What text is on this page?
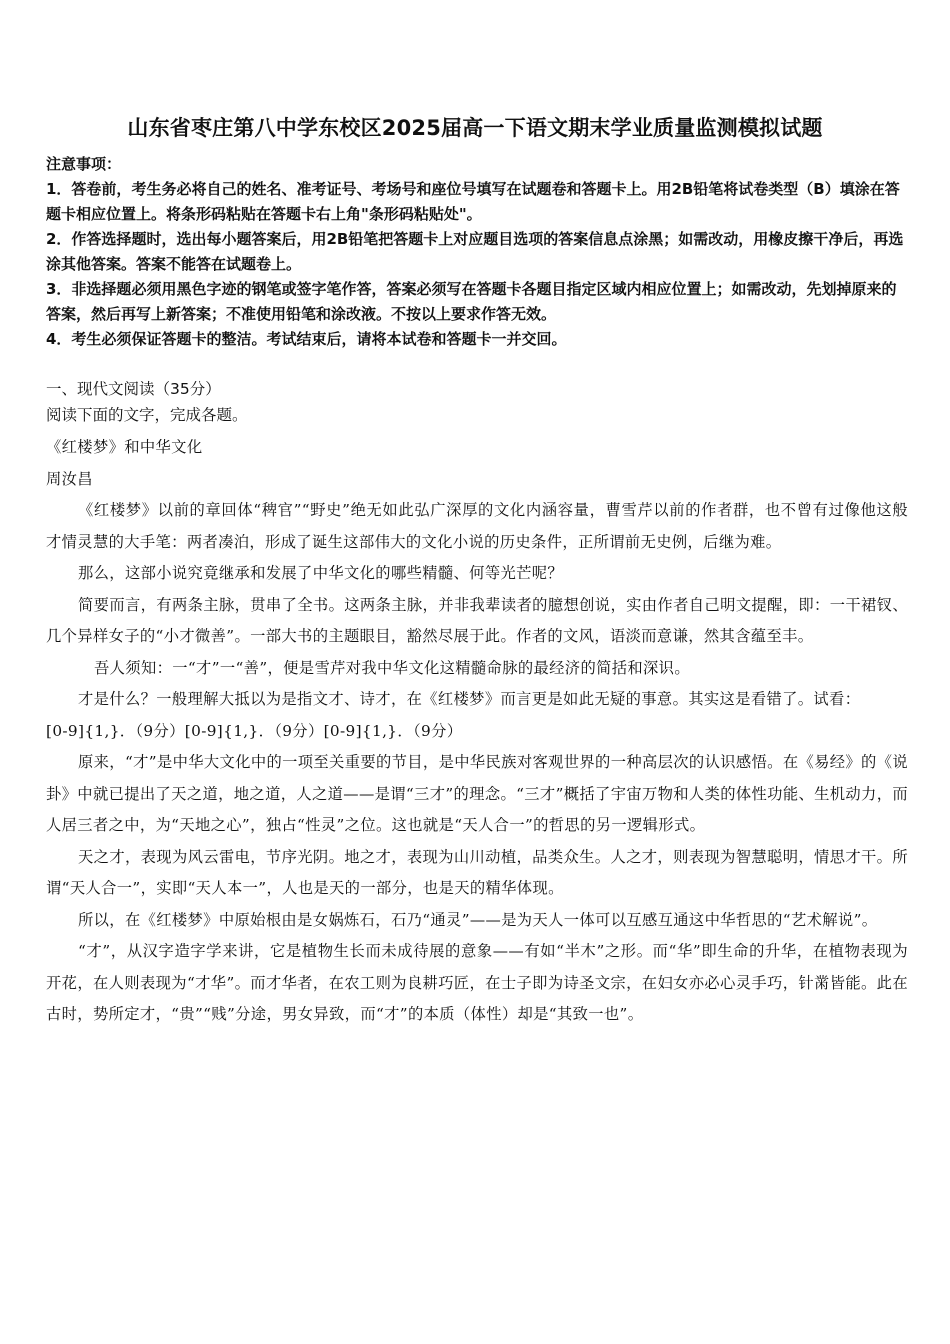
山东省枣庄第八中学东校区2025届高一下语文期末学业质量监测模拟试题

注意事项：

1．答卷前，考生务必将自己的姓名、准考证号、考场号和座位号填写在试题卷和答题卡上。用2B铅笔将试卷类型（B）填涂在答题卡相应位置上。将条形码粘贴在答题卡右上角"条形码粘贴处"。

2．作答选择题时，选出每小题答案后，用2B铅笔把答题卡上对应题目选项的答案信息点涂黑；如需改动，用橡皮擦干净后，再选涂其他答案。答案不能答在试题卷上。

3．非选择题必须用黑色字迹的钢笔或签字笔作答，答案必须写在答题卡各题目指定区域内相应位置上；如需改动，先划掉原来的答案，然后再写上新答案；不准使用铅笔和涂改液。不按以上要求作答无效。

4．考生必须保证答题卡的整洁。考试结束后，请将本试卷和答题卡一并交回。

一、现代文阅读（35分）

阅读下面的文字，完成各题。

《红楼梦》和中华文化

周汝昌

《红楼梦》以前的章回体“稗官”“野史”绝无如此弘广深厚的文化内涵容量，曹雪芹以前的作者群，也不曾有过像他这般才情灵慧的大手笔：两者凑泊，形成了诞生这部伟大的文化小说的历史条件，正所谓前无史例，后继为难。

那么，这部小说究竟继承和发展了中华文化的哪些精髓、何等光芒呢？

简要而言，有两条主脉，贯串了全书。这两条主脉，并非我辈读者的臆想创说，实由作者自己明文提醒，即：一干裙钗、几个异样女子的“小才微善”。一部大书的主题眼目，豁然尽展于此。作者的文风，语淡而意谦，然其含蕴至丰。

吾人须知：一“才”一“善”，便是雪芹对我中华文化这精髓命脉的最经济的简括和深识。

才是什么？一般理解大抵以为是指文才、诗才，在《红楼梦》而言更是如此无疑的事意。其实这是看错了。试看：

[0-9]{1,}．（9分）[0-9]{1,}．（9分）[0-9]{1,}．（9分）

原来，“才”是中华大文化中的一项至关重要的节目，是中华民族对客观世界的一种高层次的认识感悟。在《易经》的《说卦》中就已提出了天之道，地之道，人之道——是谓“三才”的理念。“三才”概括了宇宙万物和人类的体性功能、生机动力，而人居三者之中，为“天地之心”，独占“性灵”之位。这也就是“天人合一”的哲思的另一逻辑形式。

天之才，表现为风云雷电，节序光阴。地之才，表现为山川动植，品类众生。人之才，则表现为智慧聪明，情思才干。所谓“天人合一”，实即“天人本一”，人也是天的一部分，也是天的精华体现。

所以，在《红楼梦》中原始根由是女娲炼石，石乃“通灵”——是为天人一体可以互感互通这中华哲思的“艺术解说”。

“才”，从汉字造字学来讲，它是植物生长而未成待展的意象——有如“半木”之形。而“华”即生命的升华，在植物表现为开花，在人则表现为“才华”。而才华者，在农工则为良耕巧匠，在士子即为诗圣文宗，在妇女亦必心灵手巧，针黹皆能。此在古时，势所定才，“贵”“贱”分途，男女异致，而“才”的本质（体性）却是“其致一也”。
